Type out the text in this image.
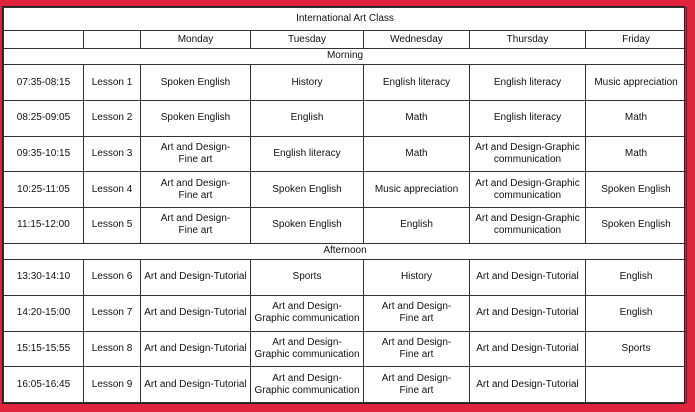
International Art Class						
		Monday	Tuesday	Wednesday	Thursday	Friday
Morning						
07:35-08:15	Lesson 1	Spoken English	History	English literacy	English literacy	Music appreciation

08:25-09:05	Lesson 2	Spoken English	English	Math	English literacy	Math

09:35-10:15	Lesson 3	Art and Design-
Fine art	English literacy	Math	Art and Design-Graphic
communication	Math

10:25-11:05	Lesson 4	Art and Design-
Fine art	Spoken English	Music appreciation	Art and Design-Graphic
communication	Spoken English

11:15-12:00	Lesson 5	Art and Design-
Fine art	Spoken English	English	Art and Design-Graphic
communication	Spoken English

Afternoon						
13:30-14:10	Lesson 6	Art and Design-Tutorial	Sports	History	Art and Design-Tutorial	English

14:20-15:00	Lesson 7	Art and Design-Tutorial	Art and Design-
Graphic communication	Art and Design-
Fine art	Art and Design-Tutorial	English

15:15-15:55	Lesson 8	Art and Design-Tutorial	Art and Design-
Graphic communication	Art and Design-
Fine art	Art and Design-Tutorial	Sports

16:05-16:45	Lesson 9	Art and Design-Tutorial	Art and Design-
Graphic communication	Art and Design-
Fine art	Art and Design-Tutorial	
